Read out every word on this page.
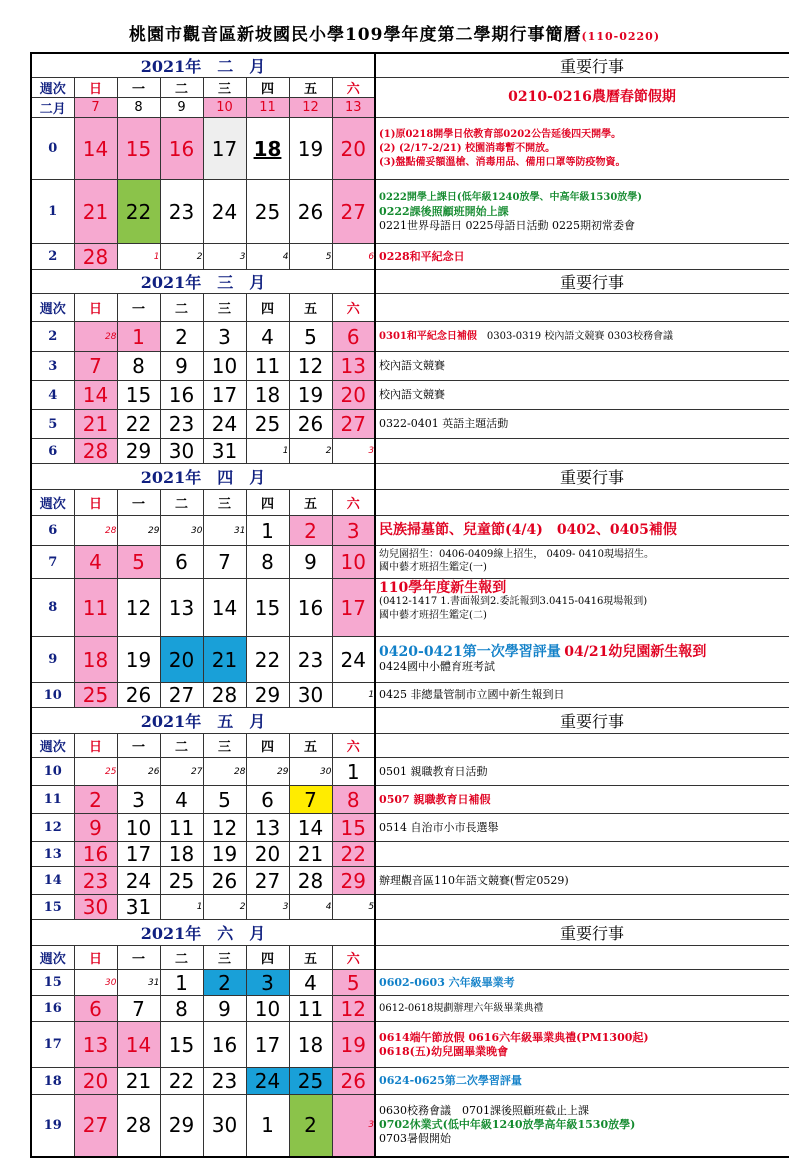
桃園市觀音區新坡國民小學109學年度第二學期行事簡曆(110-0220)
2021年　二　月								重要行事
週次	日	一	二	三	四	五	六	0210-0216農曆春節假期
二月	7	8	9	10	11	12	13	
0	14	15	16	17	18	19	20	(1)原0218開學日依教育部0202公告延後四天開學。
(2) (2/17-2/21) 校園消毒暫不開放。
(3)盤點備妥額溫槍、消毒用品、備用口罩等防疫物資。

1	21	22	23	24	25	26	27	0222開學上課日(低年級1240放學、中高年級1530放學)
0222課後照顧班開始上課
0221世界母語日 0225母語日活動 0225期初常委會

2	28	1	2	3	4	5	6	0228和平紀念日
2021年　三　月								重要行事
週次	日	一	二	三	四	五	六	
2	28	1	2	3	4	5	6	0301和平紀念日補假　 0303-0319 校內語文競賽 0303校務會議
3	7	8	9	10	11	12	13	校內語文競賽
4	14	15	16	17	18	19	20	校內語文競賽
5	21	22	23	24	25	26	27	0322-0401 英語主題活動
6	28	29	30	31	1	2	3	
2021年　四　月								重要行事
週次	日	一	二	三	四	五	六	
6	28	29	30	31	1	2	3	民族掃墓節、兒童節(4/4)　0402、0405補假
7	4	5	6	7	8	9	10	幼兒園招生：0406-0409線上招生， 0409- 0410現場招生。
國中藝才班招生鑑定(一)

8	11	12	13	14	15	16	17	110學年度新生報到
(0412-1417 1.書面報到2.委託報到3.0415-0416現場報到)
國中藝才班招生鑑定(二)

9	18	19	20	21	22	23	24	0420-0421第一次學習評量 04/21幼兒園新生報到
0424國中小體育班考試

10	25	26	27	28	29	30	1	0425 非總量管制市立國中新生報到日
2021年　五　月								重要行事
週次	日	一	二	三	四	五	六	
10	25	26	27	28	29	30	1	0501 親職教育日活動
11	2	3	4	5	6	7	8	0507 親職教育日補假
12	9	10	11	12	13	14	15	0514 自治市小市長選舉
13	16	17	18	19	20	21	22	
14	23	24	25	26	27	28	29	辦理觀音區110年語文競賽(暫定0529)
15	30	31	1	2	3	4	5	
2021年　六　月								重要行事
週次	日	一	二	三	四	五	六	
15	30	31	1	2	3	4	5	0602-0603 六年級畢業考
16	6	7	8	9	10	11	12	0612-0618規劃辦理六年級畢業典禮
17	13	14	15	16	17	18	19	0614端午節放假 0616六年級畢業典禮(PM1300起)
0618(五)幼兒園畢業晚會

18	20	21	22	23	24	25	26	0624-0625第二次學習評量
19	27	28	29	30	1	2	3	0630校務會議　0701課後照顧班截止上課
0702休業式(低中年級1240放學高年級1530放學)
0703暑假開始
